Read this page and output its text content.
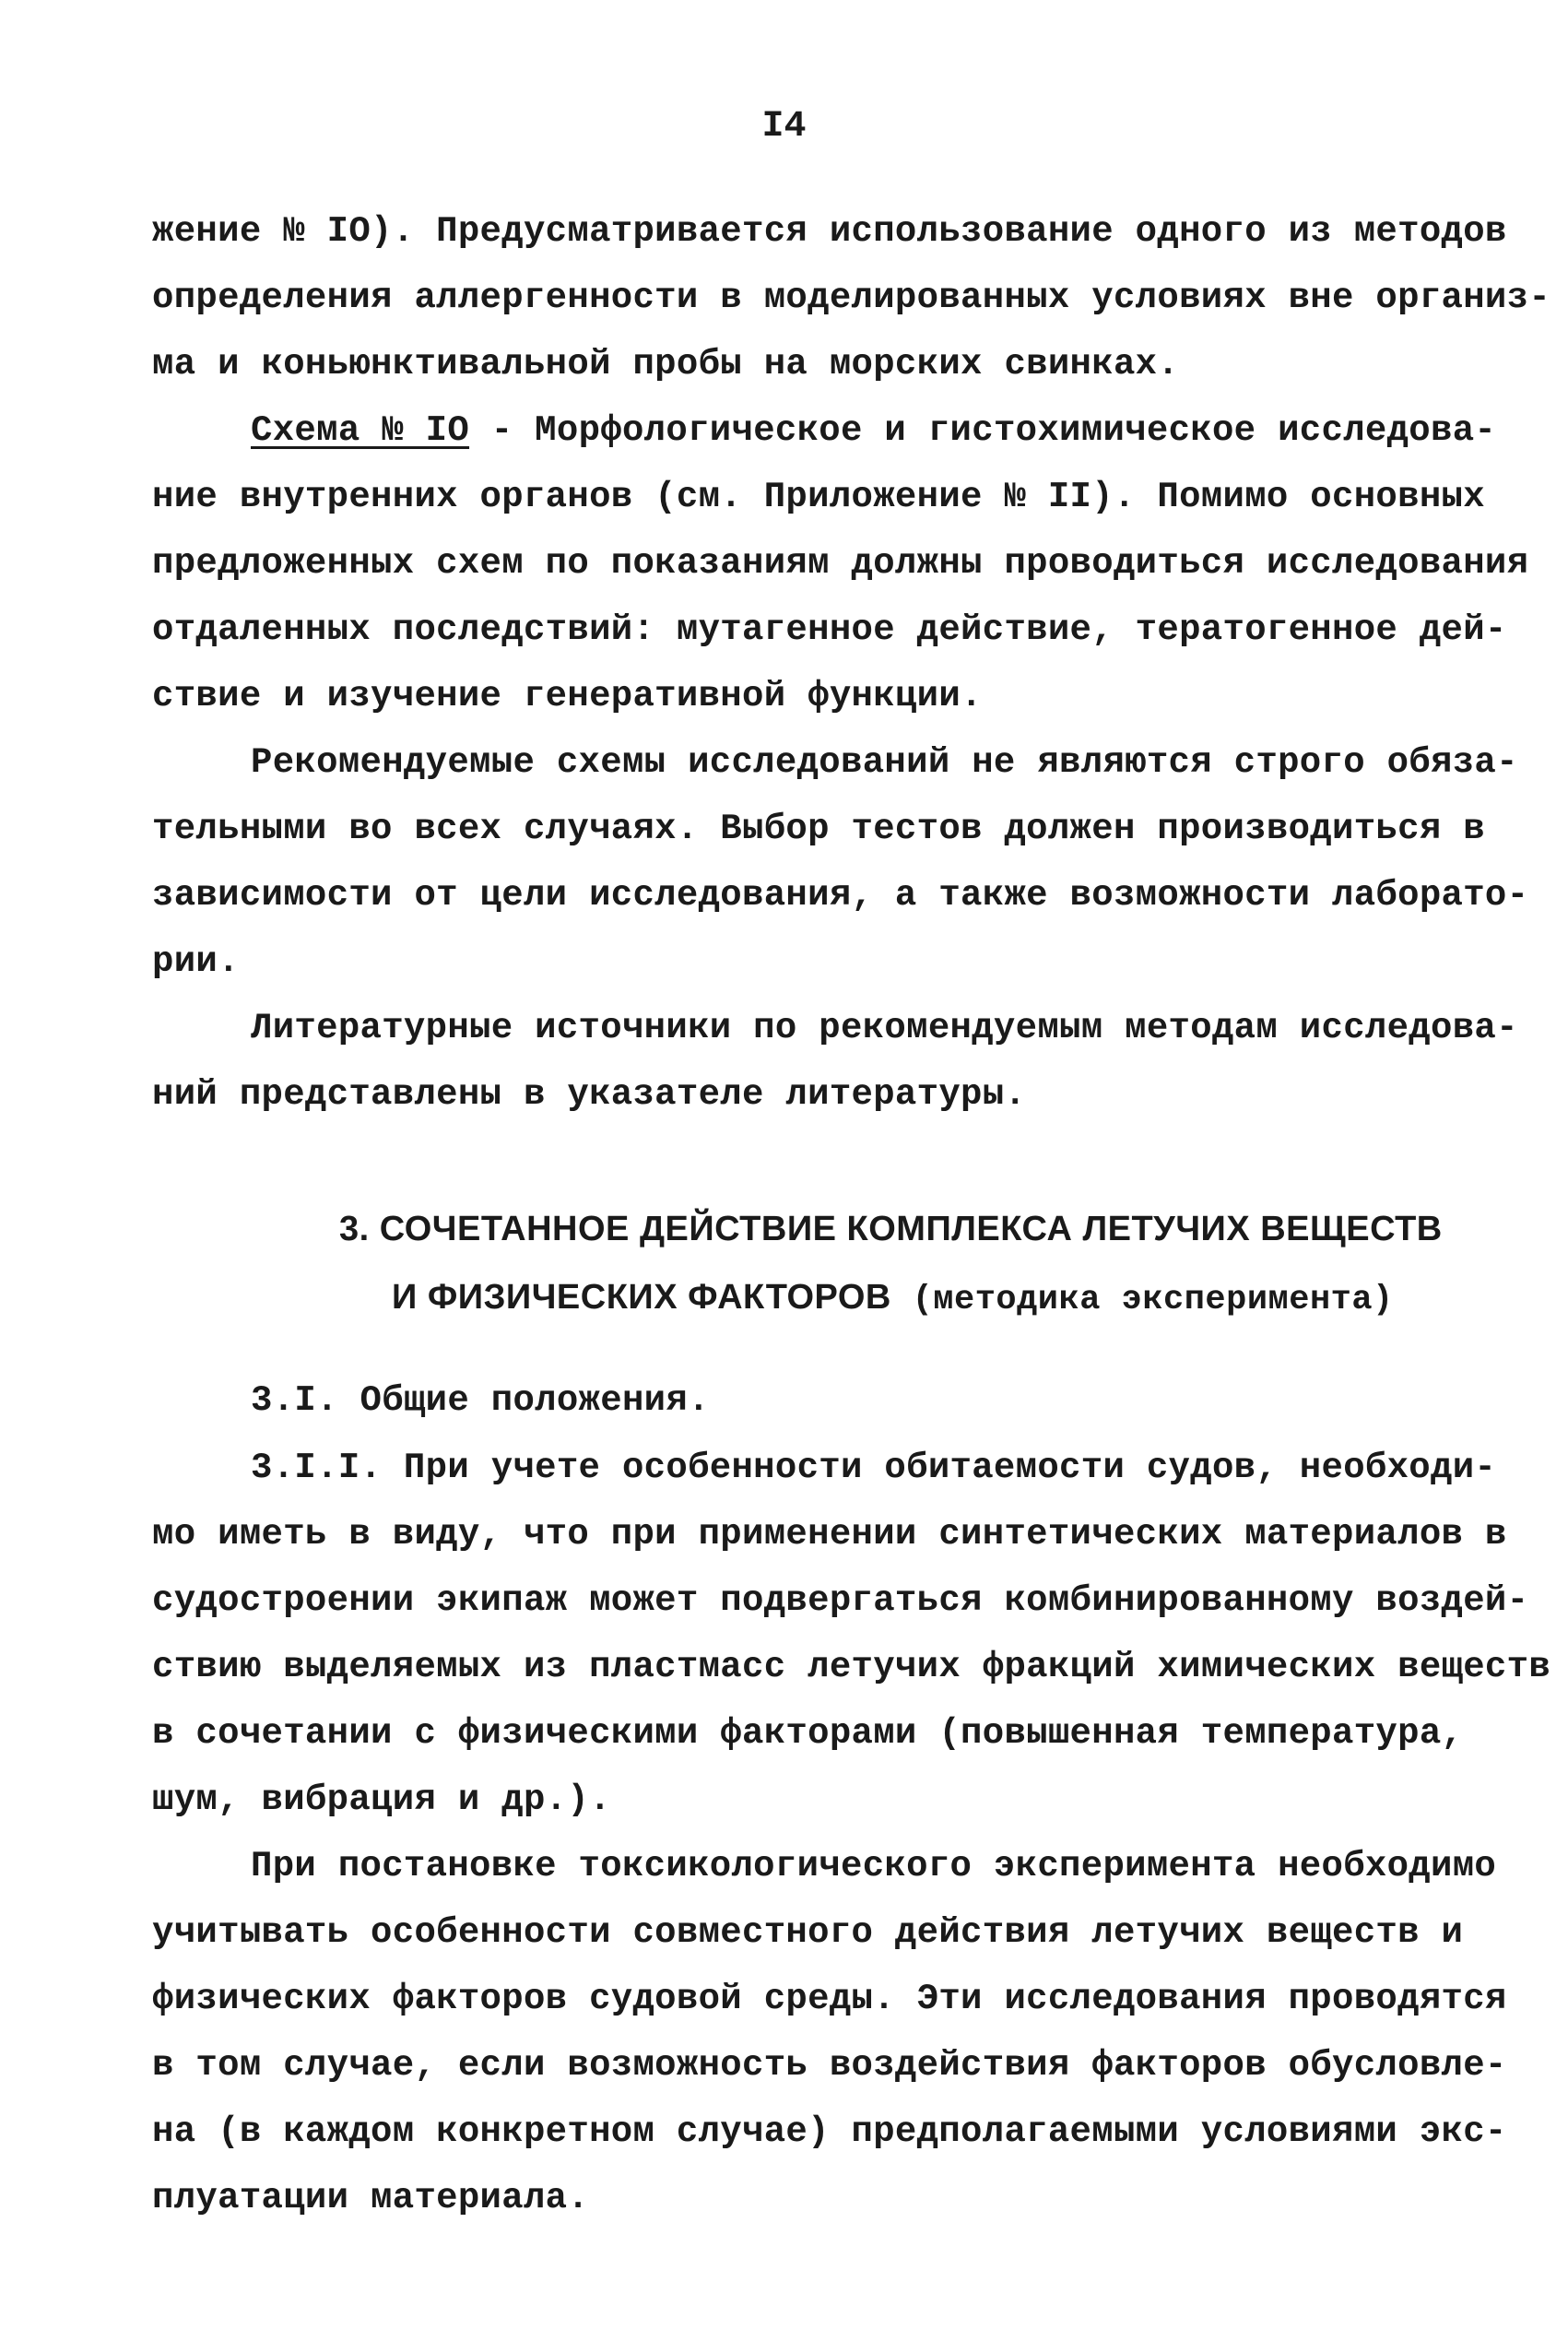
I4
жение № IO). Предусматривается использование одного из методов
определения аллергенности в моделированных условиях вне организ-
ма и коньюнктивальной пробы на морских свинках.
Схема № IO - Морфологическое и гистохимическое исследова-
ние внутренних органов (см. Приложение № II). Помимо основных
предложенных схем по показаниям должны проводиться исследования
отдаленных последствий: мутагенное действие, тератогенное дей-
ствие и изучение генеративной функции.
Рекомендуемые схемы исследований не являются строго обяза-
тельными во всех случаях. Выбор тестов должен производиться в
зависимости от цели исследования, а также возможности лаборато-
рии.
Литературные источники по рекомендуемым методам исследова-
ний представлены в указателе литературы.
3. СОЧЕТАННОЕ ДЕЙСТВИЕ КОМПЛЕКСА ЛЕТУЧИХ ВЕЩЕСТВ
И ФИЗИЧЕСКИХ ФАКТОРОВ (методика эксперимента)
3.I. Общие положения.
3.I.I. При учете особенности обитаемости судов, необходи-
мо иметь в виду, что при применении синтетических материалов в
судостроении экипаж может подвергаться комбинированному воздей-
ствию выделяемых из пластмасс летучих фракций химических веществ
в сочетании с физическими факторами (повышенная температура,
шум, вибрация и др.).
При постановке токсикологического эксперимента необходимо
учитывать особенности совместного действия летучих веществ и
физических факторов судовой среды. Эти исследования проводятся
в том случае, если возможность воздействия факторов обусловле-
на (в каждом конкретном случае) предполагаемыми условиями экс-
плуатации материала.
